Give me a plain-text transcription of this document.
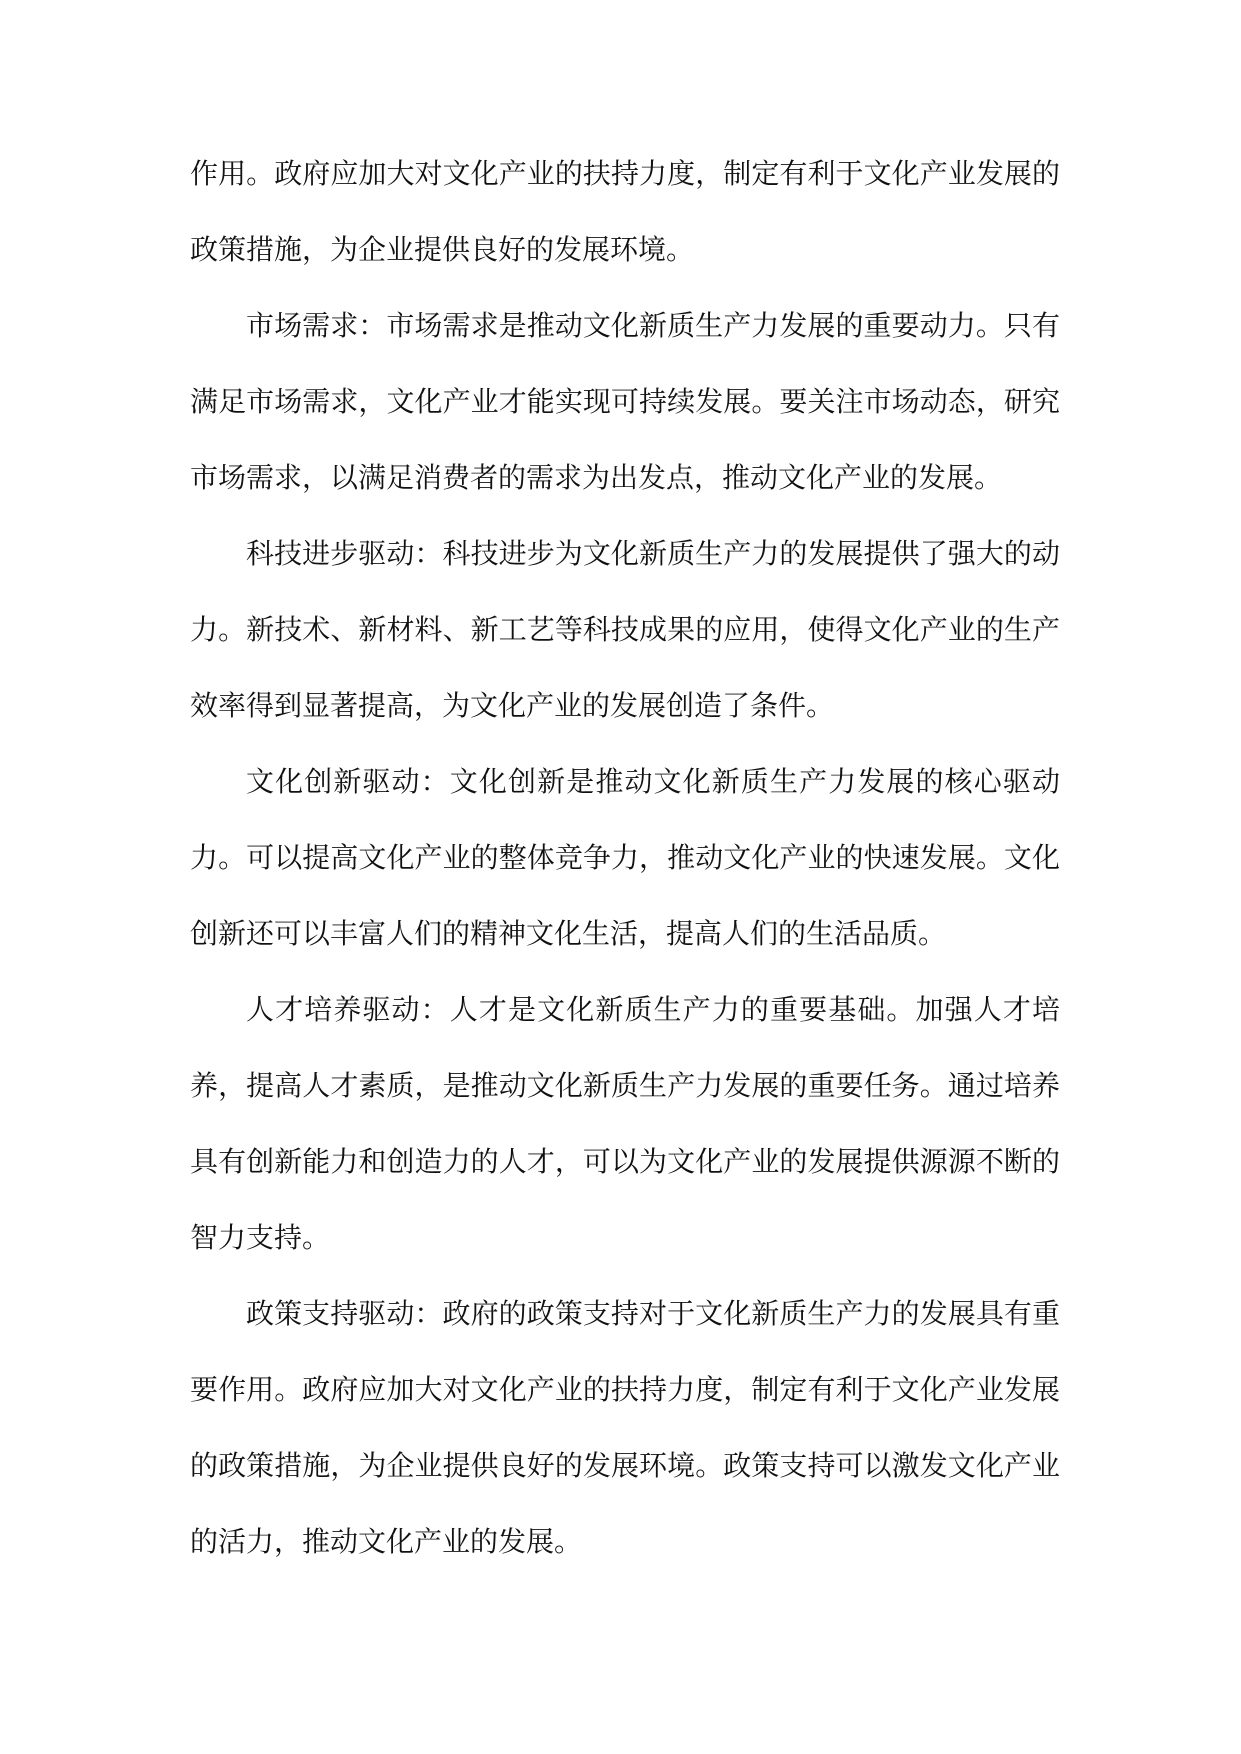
作用。政府应加大对文化产业的扶持力度，制定有利于文化产业发展的政策措施，为企业提供良好的发展环境。

市场需求：市场需求是推动文化新质生产力发展的重要动力。只有满足市场需求，文化产业才能实现可持续发展。要关注市场动态，研究市场需求，以满足消费者的需求为出发点，推动文化产业的发展。

科技进步驱动：科技进步为文化新质生产力的发展提供了强大的动力。新技术、新材料、新工艺等科技成果的应用，使得文化产业的生产效率得到显著提高，为文化产业的发展创造了条件。

文化创新驱动：文化创新是推动文化新质生产力发展的核心驱动力。可以提高文化产业的整体竞争力，推动文化产业的快速发展。文化创新还可以丰富人们的精神文化生活，提高人们的生活品质。

人才培养驱动：人才是文化新质生产力的重要基础。加强人才培养，提高人才素质，是推动文化新质生产力发展的重要任务。通过培养具有创新能力和创造力的人才，可以为文化产业的发展提供源源不断的智力支持。

政策支持驱动：政府的政策支持对于文化新质生产力的发展具有重要作用。政府应加大对文化产业的扶持力度，制定有利于文化产业发展的政策措施，为企业提供良好的发展环境。政策支持可以激发文化产业的活力，推动文化产业的发展。
